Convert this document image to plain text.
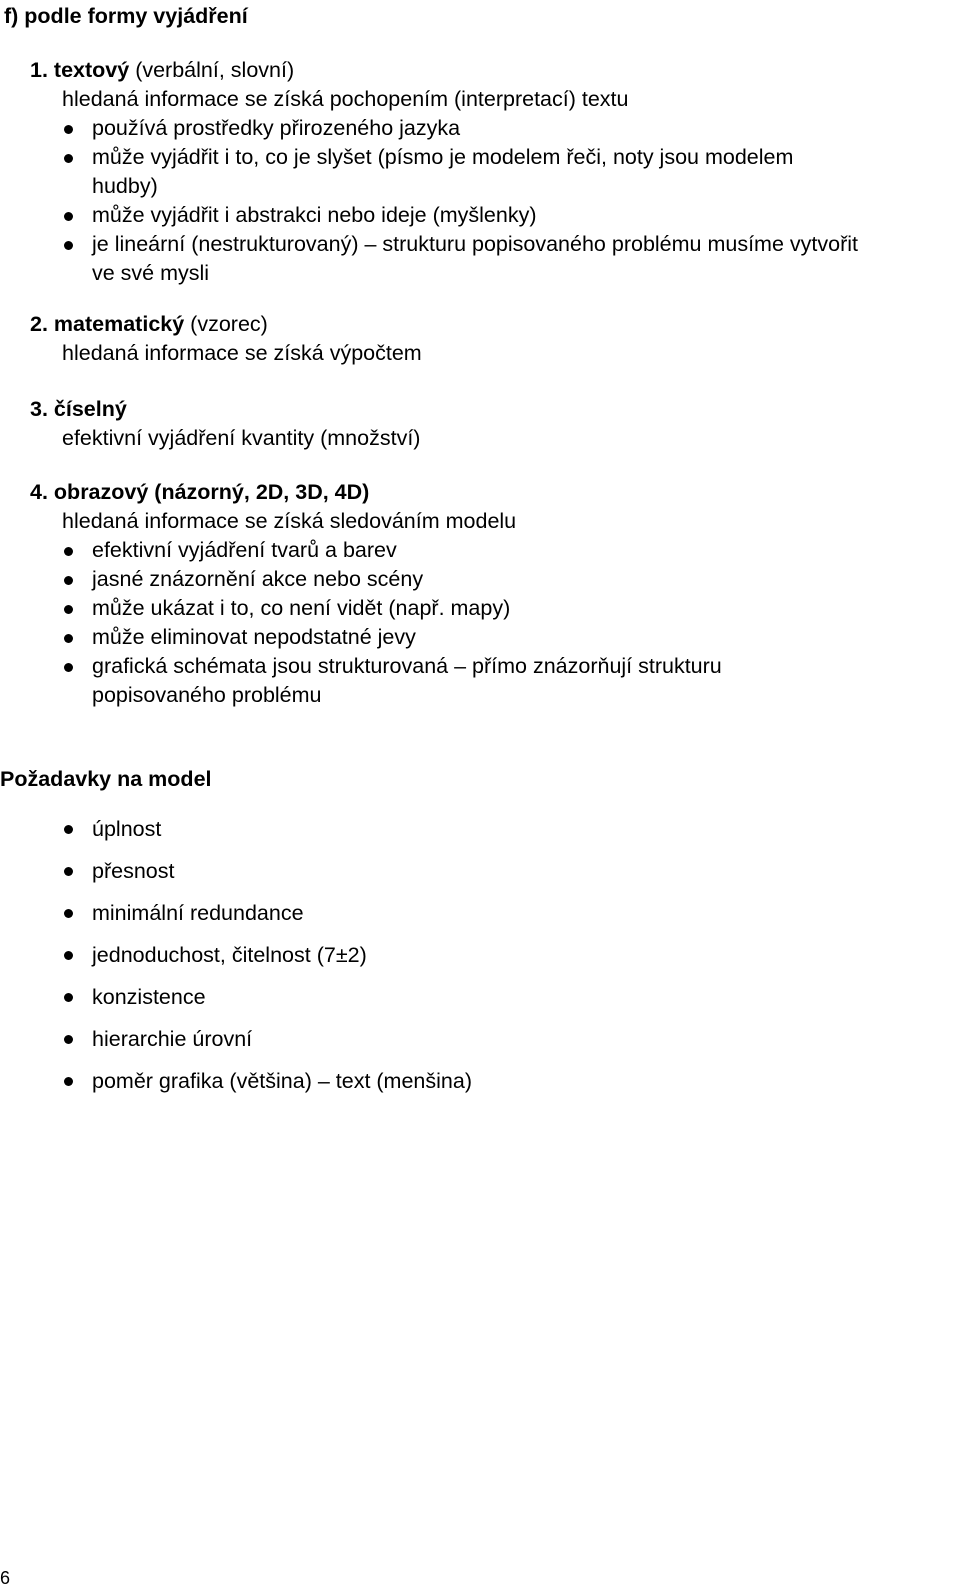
f) podle formy vyjádření
1. textový (verbální, slovní)
hledaná informace se získá pochopením (interpretací) textu
používá prostředky přirozeného jazyka
může vyjádřit i to, co je slyšet (písmo je modelem řeči, noty jsou modelem
hudby)
může vyjádřit i abstrakci nebo ideje (myšlenky)
je lineární (nestrukturovaný) – strukturu popisovaného problému musíme vytvořit
ve své mysli
2. matematický (vzorec)
hledaná informace se získá výpočtem
3. číselný
efektivní vyjádření kvantity (množství)
4. obrazový (názorný, 2D, 3D, 4D)
hledaná informace se získá sledováním modelu
efektivní vyjádření tvarů a barev
jasné znázornění akce nebo scény
může ukázat i to, co není vidět (např. mapy)
může eliminovat nepodstatné jevy
grafická schémata jsou strukturovaná – přímo znázorňují strukturu
popisovaného problému
Požadavky na model
úplnost
přesnost
minimální redundance
jednoduchost, čitelnost (7±2)
konzistence
hierarchie úrovní
poměr grafika (většina) – text (menšina)
6
